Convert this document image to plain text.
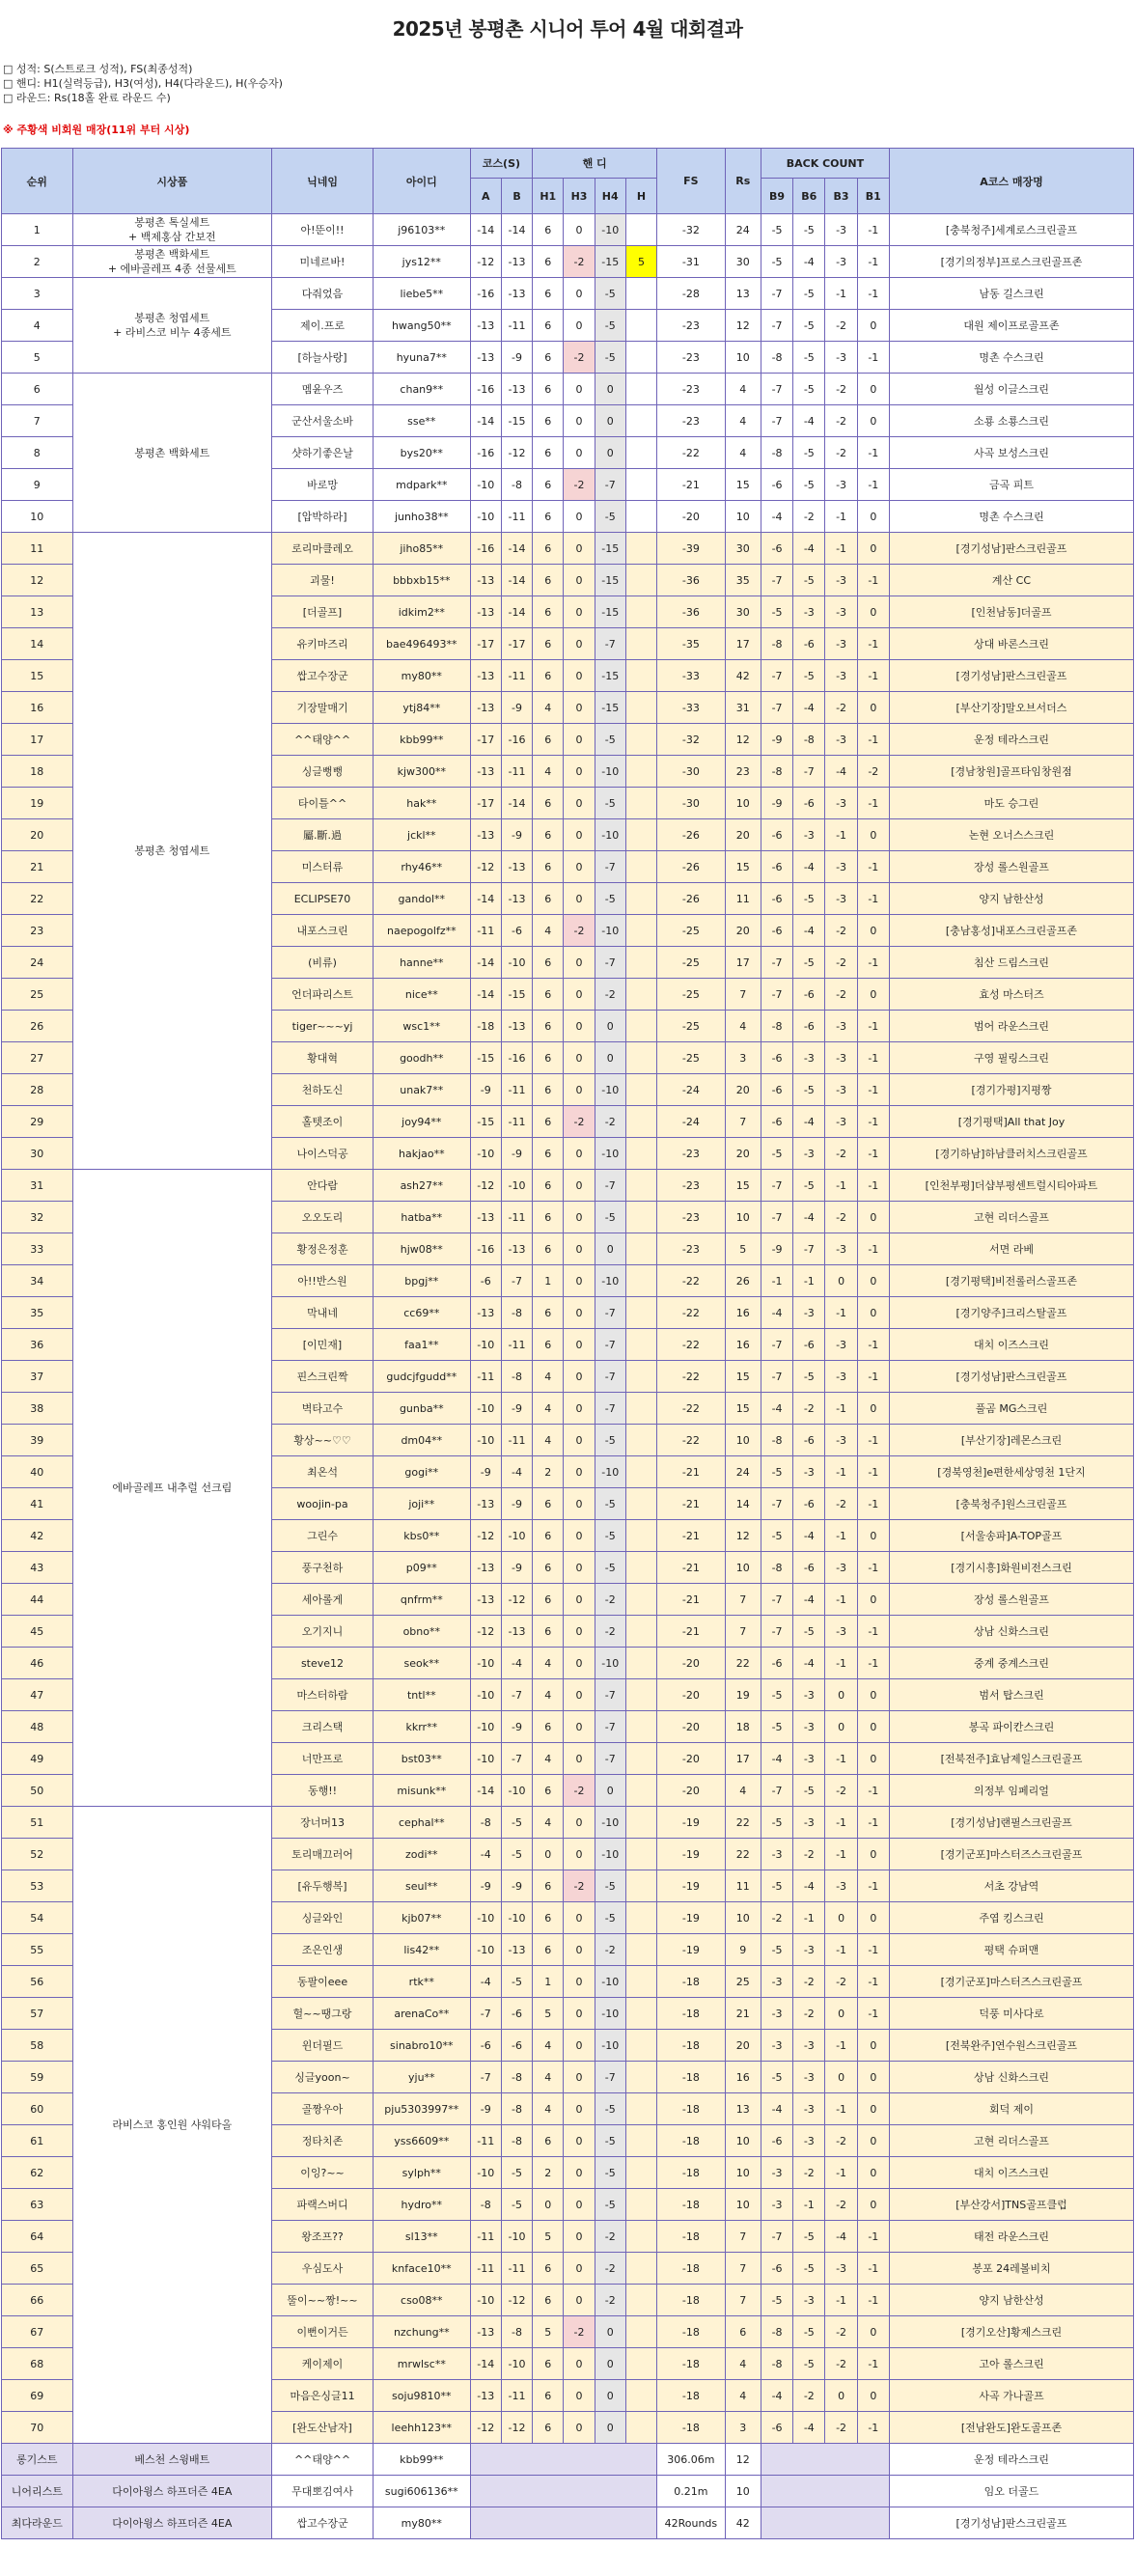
2025년 봉평촌 시니어 투어 4월 대회결과
□ 성적: S(스트로크 성적), FS(최종성적)
□ 핸디: H1(실력등급), H3(여성), H4(다라운드), H(우승자)
□ 라운드: Rs(18홀 완료 라운드 수)
※ 주황색 비회원 매장(11위 부터 시상)
순위	시상품	닉네임	아이디	코스(S)		핸 디				FS	Rs	BACK COUNT				A코스 매장명
				A	B	H1	H3	H4	H			B9	B6	B3	B1	
1	봉평촌 톡실세트
+ 백제홍삼 간보전	아!뚠이!!	j96103**	-14	-14	6	0	-10		-32	24	-5	-5	-3	-1	[충북청주]세계로스크린골프
2	봉평촌 백화세트
+ 에바골레프 4종 선물세트	미네르바!	jys12**	-12	-13	6	-2	-15	5	-31	30	-5	-4	-3	-1	[경기의정부]프로스크린골프존
3	봉평촌 청엽세트
+ 라비스코 비누 4종세트	다줘었음	liebe5**	-16	-13	6	0	-5		-28	13	-7	-5	-1	-1	남동 길스크린
4		제이.프로	hwang50**	-13	-11	6	0	-5		-23	12	-7	-5	-2	0	대원 제이프로골프존
5		[하늘사랑]	hyuna7**	-13	-9	6	-2	-5		-23	10	-8	-5	-3	-1	명촌 수스크린
6	봉평촌 백화세트	멤윤우즈	chan9**	-16	-13	6	0	0		-23	4	-7	-5	-2	0	월성 이글스크린
7		군산서울소바	sse**	-14	-15	6	0	0		-23	4	-7	-4	-2	0	소룡 소룡스크린
8		샷하기좋은날	bys20**	-16	-12	6	0	0		-22	4	-8	-5	-2	-1	사곡 보성스크린
9		바로망	mdpark**	-10	-8	6	-2	-7		-21	15	-6	-5	-3	-1	금곡 피트
10		[압박하라]	junho38**	-10	-11	6	0	-5		-20	10	-4	-2	-1	0	명촌 수스크린
11	봉평촌 청엽세트	로리마클레오	jiho85**	-16	-14	6	0	-15		-39	30	-6	-4	-1	0	[경기성남]판스크린골프
12		괴물!	bbbxb15**	-13	-14	6	0	-15		-36	35	-7	-5	-3	-1	계산 CC
13		[더골프]	idkim2**	-13	-14	6	0	-15		-36	30	-5	-3	-3	0	[인천남동]더골프
14		유키마즈리	bae496493**	-17	-17	6	0	-7		-35	17	-8	-6	-3	-1	상대 바론스크린
15		쌉고수장군	my80**	-13	-11	6	0	-15		-33	42	-7	-5	-3	-1	[경기성남]판스크린골프
16		기장말매기	ytj84**	-13	-9	4	0	-15		-33	31	-7	-4	-2	0	[부산기장]말오브서더스
17		^^태양^^	kbb99**	-17	-16	6	0	-5		-32	12	-9	-8	-3	-1	운정 테라스크린
18		싱글뻥뻥	kjw300**	-13	-11	4	0	-10		-30	23	-8	-7	-4	-2	[경남창원]골프타임창원점
19		타이틀^^	hak**	-17	-14	6	0	-5		-30	10	-9	-6	-3	-1	마도 승그린
20		屬.斷.過	jckl**	-13	-9	6	0	-10		-26	20	-6	-3	-1	0	논현 오너스스크린
21		미스터류	rhy46**	-12	-13	6	0	-7		-26	15	-6	-4	-3	-1	장성 롤스원골프
22		ECLIPSE70	gandol**	-14	-13	6	0	-5		-26	11	-6	-5	-3	-1	양지 남한산성
23		내포스크린	naepogolfz**	-11	-6	4	-2	-10		-25	20	-6	-4	-2	0	[충남홍성]내포스크린골프존
24		(비류)	hanne**	-14	-10	6	0	-7		-25	17	-7	-5	-2	-1	침산 드림스크린
25		언더파리스트	nice**	-14	-15	6	0	-2		-25	7	-7	-6	-2	0	효성 마스터즈
26		tiger~~~yj	wsc1**	-18	-13	6	0	0		-25	4	-8	-6	-3	-1	범어 라운스크린
27		황대혁	goodh**	-15	-16	6	0	0		-25	3	-6	-3	-3	-1	구영 필링스크린
28		천하도신	unak7**	-9	-11	6	0	-10		-24	20	-6	-5	-3	-1	[경기가평]지평짱
29		홀텟조이	joy94**	-15	-11	6	-2	-2		-24	7	-6	-4	-3	-1	[경기평택]All that Joy
30		나이스덕공	hakjao**	-10	-9	6	0	-10		-23	20	-5	-3	-2	-1	[경기하남]하남클러치스크린골프
31	에바골레프 내추럴 선크림	안다람	ash27**	-12	-10	6	0	-7		-23	15	-7	-5	-1	-1	[인천부평]더샵부평센트럴시티아파트
32		오오도리	hatba**	-13	-11	6	0	-5		-23	10	-7	-4	-2	0	고현 리더스골프
33		황정은정훈	hjw08**	-16	-13	6	0	0		-23	5	-9	-7	-3	-1	서면 라베
34		아!!반스원	bpgj**	-6	-7	1	0	-10		-22	26	-1	-1	0	0	[경기평택]비전롤러스골프존
35		막내네	cc69**	-13	-8	6	0	-7		-22	16	-4	-3	-1	0	[경기양주]크리스탈골프
36		[이민재]	faa1**	-10	-11	6	0	-7		-22	16	-7	-6	-3	-1	대치 이즈스크린
37		핀스크린짝	gudcjfgudd**	-11	-8	4	0	-7		-22	15	-7	-5	-3	-1	[경기성남]판스크린골프
38		벽타고수	gunba**	-10	-9	4	0	-7		-22	15	-4	-2	-1	0	풀곰 MG스크린
39		황상~~♡♡	dm04**	-10	-11	4	0	-5		-22	10	-8	-6	-3	-1	[부산기장]레몬스크린
40		최온석	gogi**	-9	-4	2	0	-10		-21	24	-5	-3	-1	-1	[경북영천]e편한세상영천 1단지
41		woojin-pa	joji**	-13	-9	6	0	-5		-21	14	-7	-6	-2	-1	[충북청주]원스크린골프
42		그린수	kbs0**	-12	-10	6	0	-5		-21	12	-5	-4	-1	0	[서울송파]A-TOP골프
43		풍구천하	p09**	-13	-9	6	0	-5		-21	10	-8	-6	-3	-1	[경기시흥]화원비전스크린
44		세아롤게	qnfrm**	-13	-12	6	0	-2		-21	7	-7	-4	-1	0	장성 롤스원골프
45		오기지니	obno**	-12	-13	6	0	-2		-21	7	-7	-5	-3	-1	상남 신화스크린
46		steve12	seok**	-10	-4	4	0	-10		-20	22	-6	-4	-1	-1	중계 중계스크린
47		마스터하람	tntl**	-10	-7	4	0	-7		-20	19	-5	-3	0	0	범서 탑스크린
48		크리스택	kkrr**	-10	-9	6	0	-7		-20	18	-5	-3	0	0	봉곡 파이칸스크린
49		너만프로	bst03**	-10	-7	4	0	-7		-20	17	-4	-3	-1	0	[전북전주]효남제일스크린골프
50		동행!!	misunk**	-14	-10	6	-2	0		-20	4	-7	-5	-2	-1	의정부 임페리얼
51	라비스코 홍인원 샤워타올	장너머13	cephal**	-8	-5	4	0	-10		-19	22	-5	-3	-1	-1	[경기성남]랜필스크린골프
52		토리매끄러어	zodi**	-4	-5	0	0	-10		-19	22	-3	-2	-1	0	[경기군포]마스터즈스크린골프
53		[유두행복]	seul**	-9	-9	6	-2	-5		-19	11	-5	-4	-3	-1	서초 강남역
54		싱글와인	kjb07**	-10	-10	6	0	-5		-19	10	-2	-1	0	0	주엽 킹스크린
55		조은인생	lis42**	-10	-13	6	0	-2		-19	9	-5	-3	-1	-1	평택 슈퍼맨
56		동팔이eee	rtk**	-4	-5	1	0	-10		-18	25	-3	-2	-2	-1	[경기군포]마스터즈스크린골프
57		헐~~땡그랑	arenaCo**	-7	-6	5	0	-10		-18	21	-3	-2	0	-1	덕풍 미사다로
58		윈더필드	sinabro10**	-6	-6	4	0	-10		-18	20	-3	-3	-1	0	[전북완주]연수원스크린골프
59		싱글yoon~	yju**	-7	-8	4	0	-7		-18	16	-5	-3	0	0	상남 신화스크린
60		골짱우아	pju5303997**	-9	-8	4	0	-5		-18	13	-4	-3	-1	0	회덕 제이
61		정타치존	yss6609**	-11	-8	6	0	-5		-18	10	-6	-3	-2	0	고현 리더스골프
62		이잉?~~	sylph**	-10	-5	2	0	-5		-18	10	-3	-2	-1	0	대치 이즈스크린
63		파랙스버디	hydro**	-8	-5	0	0	-5		-18	10	-3	-1	-2	0	[부산강서]TNS골프클럽
64		왕조프??	sl13**	-11	-10	5	0	-2		-18	7	-7	-5	-4	-1	태전 라운스크린
65		우심도사	knface10**	-11	-11	6	0	-2		-18	7	-6	-5	-3	-1	봉포 24레볼비치
66		뚤이~~짱!~~	cso08**	-10	-12	6	0	-2		-18	7	-5	-3	-1	-1	양지 남한산성
67		이뻔이거든	nzchung**	-13	-8	5	-2	0		-18	6	-8	-5	-2	0	[경기오산]황제스크린
68		케이제이	mrwlsc**	-14	-10	6	0	0		-18	4	-8	-5	-2	-1	고아 롤스크린
69		마음은싱글11	soju9810**	-13	-11	6	0	0		-18	4	-4	-2	0	0	사곡 가나골프
70		[완도산남자]	leehh123**	-12	-12	6	0	0		-18	3	-6	-4	-2	-1	[전남완도]완도골프존
롱기스트	베스천 스윙배트	^^태양^^	kbb99**							306.06m	12					운정 테라스크린
니어리스트	다이아윙스 하프더즌 4EA	무대뽀김여사	sugi606136**							0.21m	10					임오 더골드
최다라운드	다이아윙스 하프더즌 4EA	쌉고수장군	my80**							42Rounds	42					[경기성남]판스크린골프
